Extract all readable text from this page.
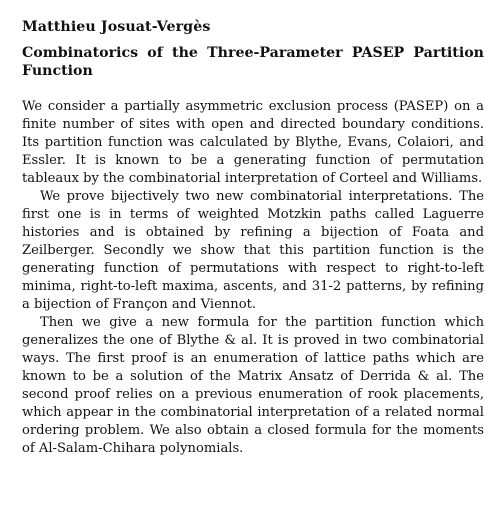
Matthieu Josuat-Vergès
Combinatorics of the Three-Parameter PASEP Partition Function

We consider a partially asymmetric exclusion process (PASEP) on a finite number of sites with open and directed boundary conditions. Its partition function was calculated by Blythe, Evans, Colaiori, and Essler. It is known to be a generating function of permutation tableaux by the combinatorial interpretation of Corteel and Williams.

We prove bijectively two new combinatorial interpretations. The first one is in terms of weighted Motzkin paths called Laguerre histories and is obtained by refining a bijection of Foata and Zeilberger. Secondly we show that this partition function is the generating function of permutations with respect to right-to-left minima, right-to-left maxima, ascents, and 31-2 patterns, by refining a bijection of Françon and Viennot.

Then we give a new formula for the partition function which generalizes the one of Blythe & al. It is proved in two combinatorial ways. The first proof is an enumeration of lattice paths which are known to be a solution of the Matrix Ansatz of Derrida & al. The second proof relies on a previous enumeration of rook placements, which appear in the combinatorial interpretation of a related normal ordering problem. We also obtain a closed formula for the moments of Al-Salam-Chihara polynomials.
